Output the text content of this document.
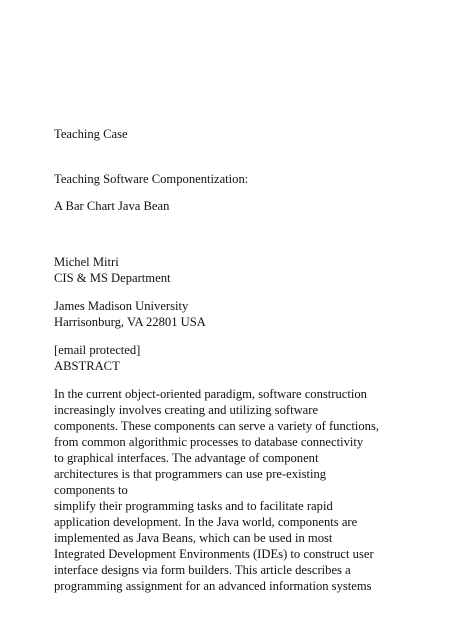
Teaching Case

Teaching Software Componentization:

A Bar Chart Java Bean

Michel Mitri

CIS & MS Department

James Madison University

Harrisonburg, VA 22801 USA

[email protected]

ABSTRACT

In the current object-oriented paradigm, software construction

increasingly involves creating and utilizing software

components. These components can serve a variety of functions,

from common algorithmic processes to database connectivity

to graphical interfaces. The advantage of component

architectures is that programmers can use pre-existing

components to

simplify their programming tasks and to facilitate rapid

application development. In the Java world, components are

implemented as Java Beans, which can be used in most

Integrated Development Environments (IDEs) to construct user

interface designs via form builders. This article describes a

programming assignment for an advanced information systems
